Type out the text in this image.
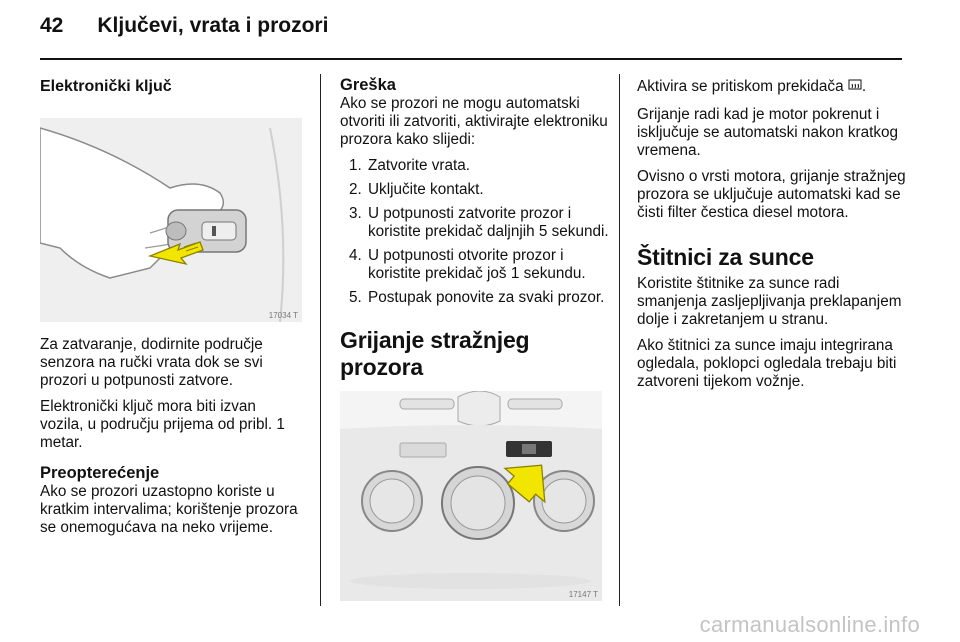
42 Ključevi, vrata i prozori
Elektronički ključ
17034 T

Za zatvaranje, dodirnite područje senzora na ručki vrata dok se svi prozori u potpunosti zatvore.

Elektronički ključ mora biti izvan vozila, u području prijema od pribl. 1 metar.

Preopterećenje

Ako se prozori uzastopno koriste u kratkim intervalima; korištenje prozora se onemogućava na neko vrijeme.

Greška

Ako se prozori ne mogu automatski otvoriti ili zatvoriti, aktivirajte elektroniku prozora kako slijedi:

1. Zatvorite vrata.
2. Uključite kontakt.
3. U potpunosti zatvorite prozor i koristite prekidač daljnjih 5 sekundi.
4. U potpunosti otvorite prozor i koristite prekidač još 1 sekundu.
5. Postupak ponovite za svaki prozor.
Grijanje stražnjeg prozora
17147 T

Aktivira se pritiskom prekidača .

Grijanje radi kad je motor pokrenut i isključuje se automatski nakon kratkog vremena.

Ovisno o vrsti motora, grijanje stražnjeg prozora se uključuje automatski kad se čisti filter čestica diesel motora.

Štitnici za sunce

Koristite štitnike za sunce radi smanjenja zasljepljivanja preklapanjem dolje i zakretanjem u stranu.

Ako štitnici za sunce imaju integrirana ogledala, poklopci ogledala trebaju biti zatvoreni tijekom vožnje.

carmanualsonline.info
